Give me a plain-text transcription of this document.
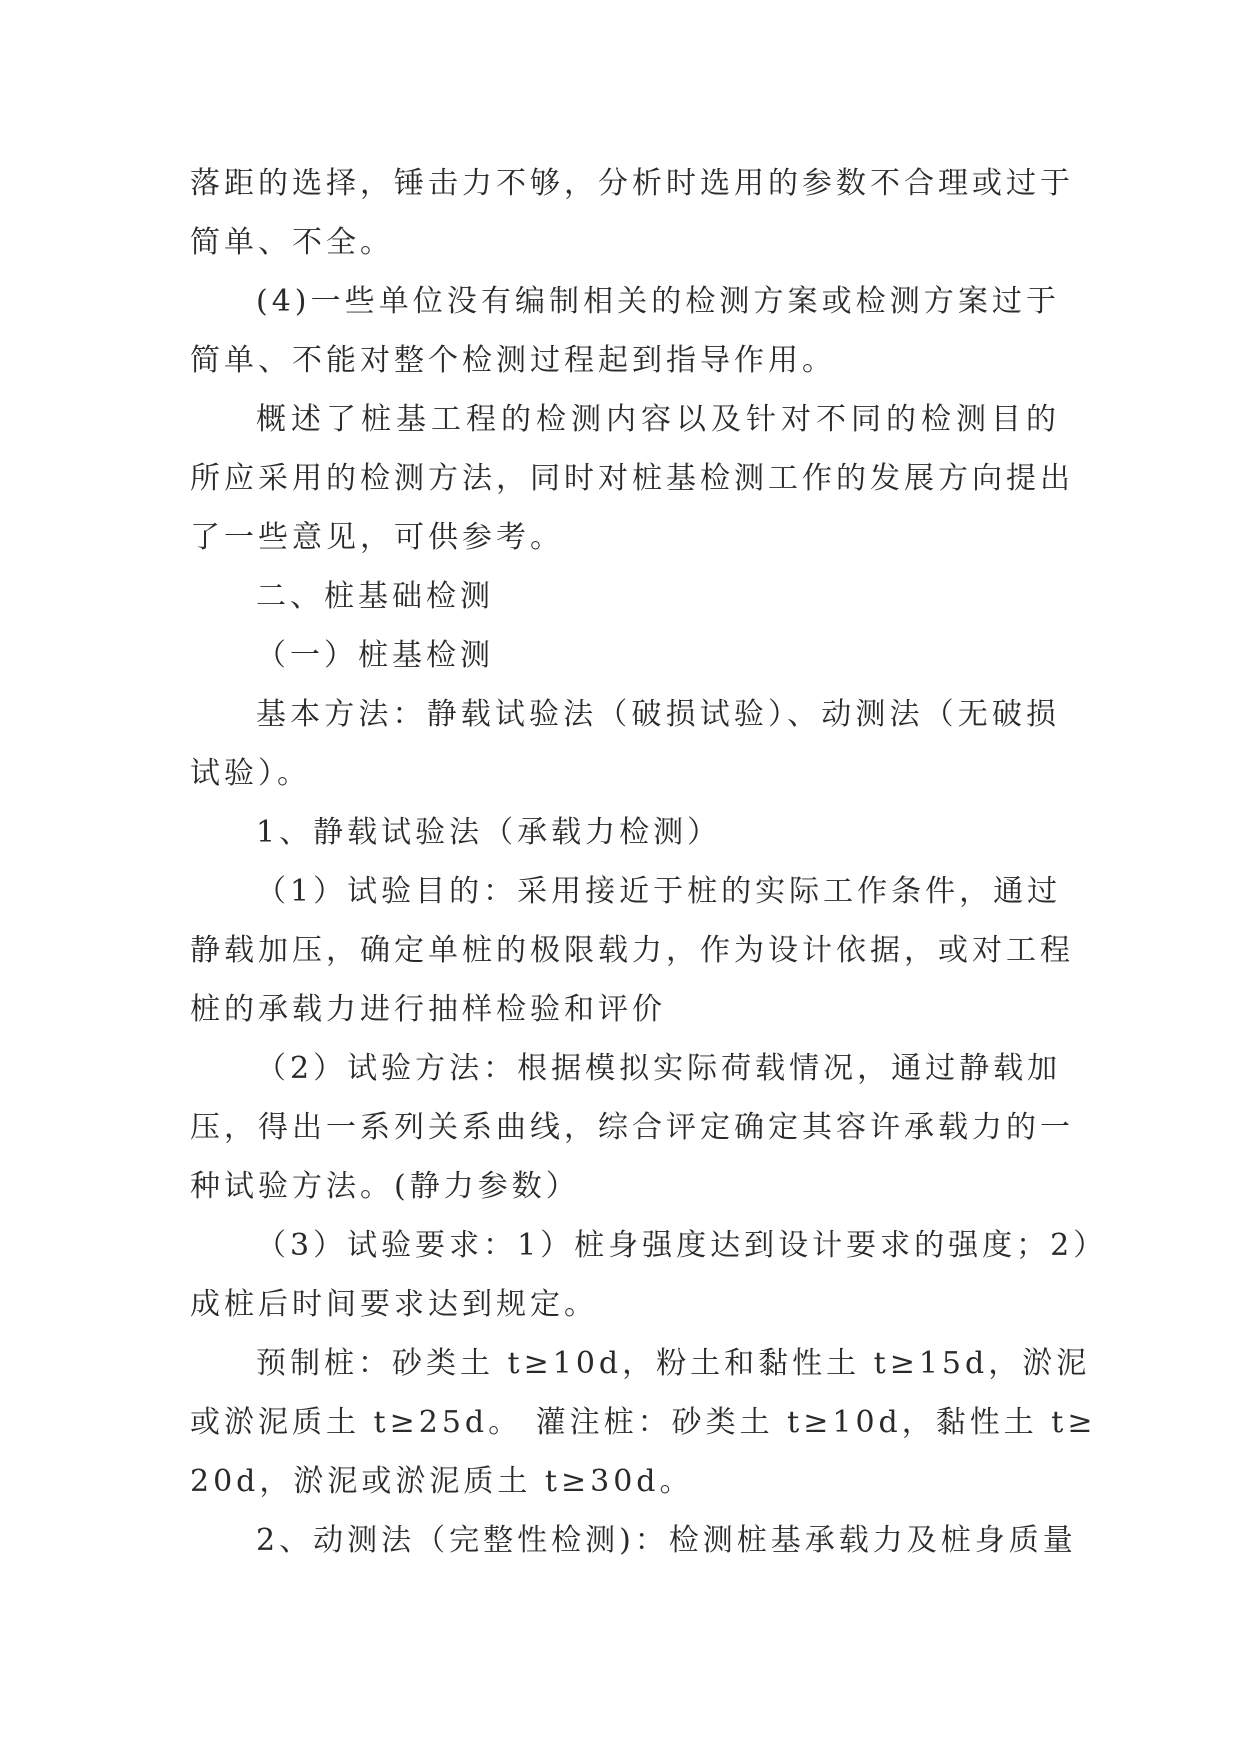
落距的选择，锤击力不够，分析时选用的参数不合理或过于
简单、不全。
(4)一些单位没有编制相关的检测方案或检测方案过于
简单、不能对整个检测过程起到指导作用。
概述了桩基工程的检测内容以及针对不同的检测目的
所应采用的检测方法，同时对桩基检测工作的发展方向提出
了一些意见，可供参考。
二、桩基础检测
（一）桩基检测
基本方法：静载试验法（破损试验）、动测法（无破损
试验）。
1、静载试验法（承载力检测）
（1）试验目的：采用接近于桩的实际工作条件，通过
静载加压，确定单桩的极限载力，作为设计依据，或对工程
桩的承载力进行抽样检验和评价
（2）试验方法：根据模拟实际荷载情况，通过静载加
压，得出一系列关系曲线，综合评定确定其容许承载力的一
种试验方法。(静力参数）
（3）试验要求：1）桩身强度达到设计要求的强度；2）
成桩后时间要求达到规定。
预制桩：砂类土 t≥10d，粉土和黏性土 t≥15d，淤泥
或淤泥质土 t≥25d。 灌注桩：砂类土 t≥10d，黏性土 t≥
20d，淤泥或淤泥质土 t≥30d。
2、动测法（完整性检测)：检测桩基承载力及桩身质量
